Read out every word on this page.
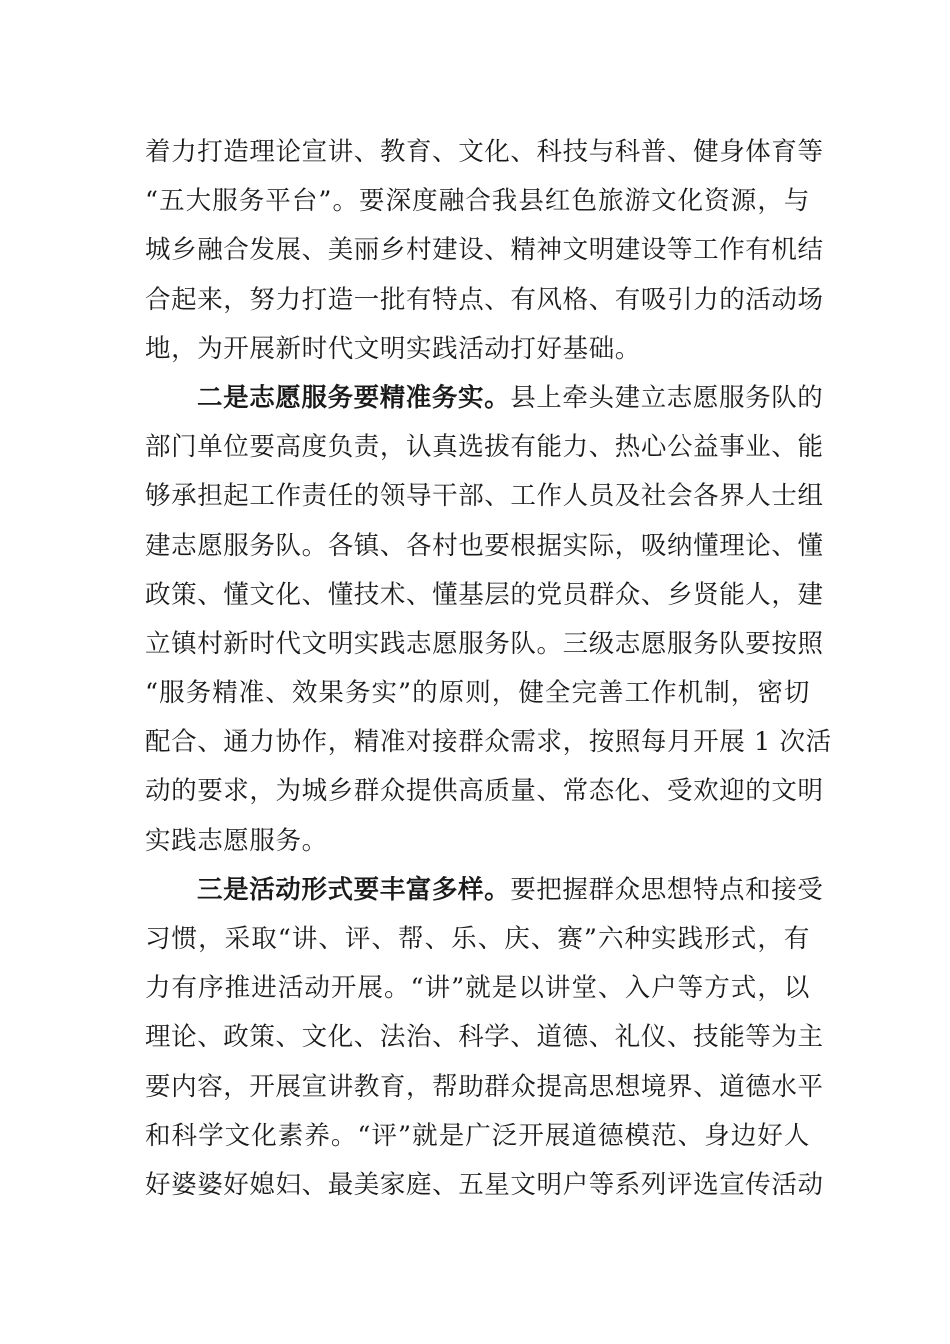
着力打造理论宣讲、教育、文化、科技与科普、健身体育等
“五大服务平台”。要深度融合我县红色旅游文化资源，与
城乡融合发展、美丽乡村建设、精神文明建设等工作有机结
合起来，努力打造一批有特点、有风格、有吸引力的活动场
地，为开展新时代文明实践活动打好基础。
二是志愿服务要精准务实。县上牵头建立志愿服务队的
部门单位要高度负责，认真选拔有能力、热心公益事业、能
够承担起工作责任的领导干部、工作人员及社会各界人士组
建志愿服务队。各镇、各村也要根据实际，吸纳懂理论、懂
政策、懂文化、懂技术、懂基层的党员群众、乡贤能人，建
立镇村新时代文明实践志愿服务队。三级志愿服务队要按照
“服务精准、效果务实”的原则，健全完善工作机制，密切
配合、通力协作，精准对接群众需求，按照每月开展 1 次活
动的要求，为城乡群众提供高质量、常态化、受欢迎的文明
实践志愿服务。
三是活动形式要丰富多样。要把握群众思想特点和接受
习惯，采取“讲、评、帮、乐、庆、赛”六种实践形式，有
力有序推进活动开展。“讲”就是以讲堂、入户等方式，以
理论、政策、文化、法治、科学、道德、礼仪、技能等为主
要内容，开展宣讲教育，帮助群众提高思想境界、道德水平
和科学文化素养。“评”就是广泛开展道德模范、身边好人
好婆婆好媳妇、最美家庭、五星文明户等系列评选宣传活动
